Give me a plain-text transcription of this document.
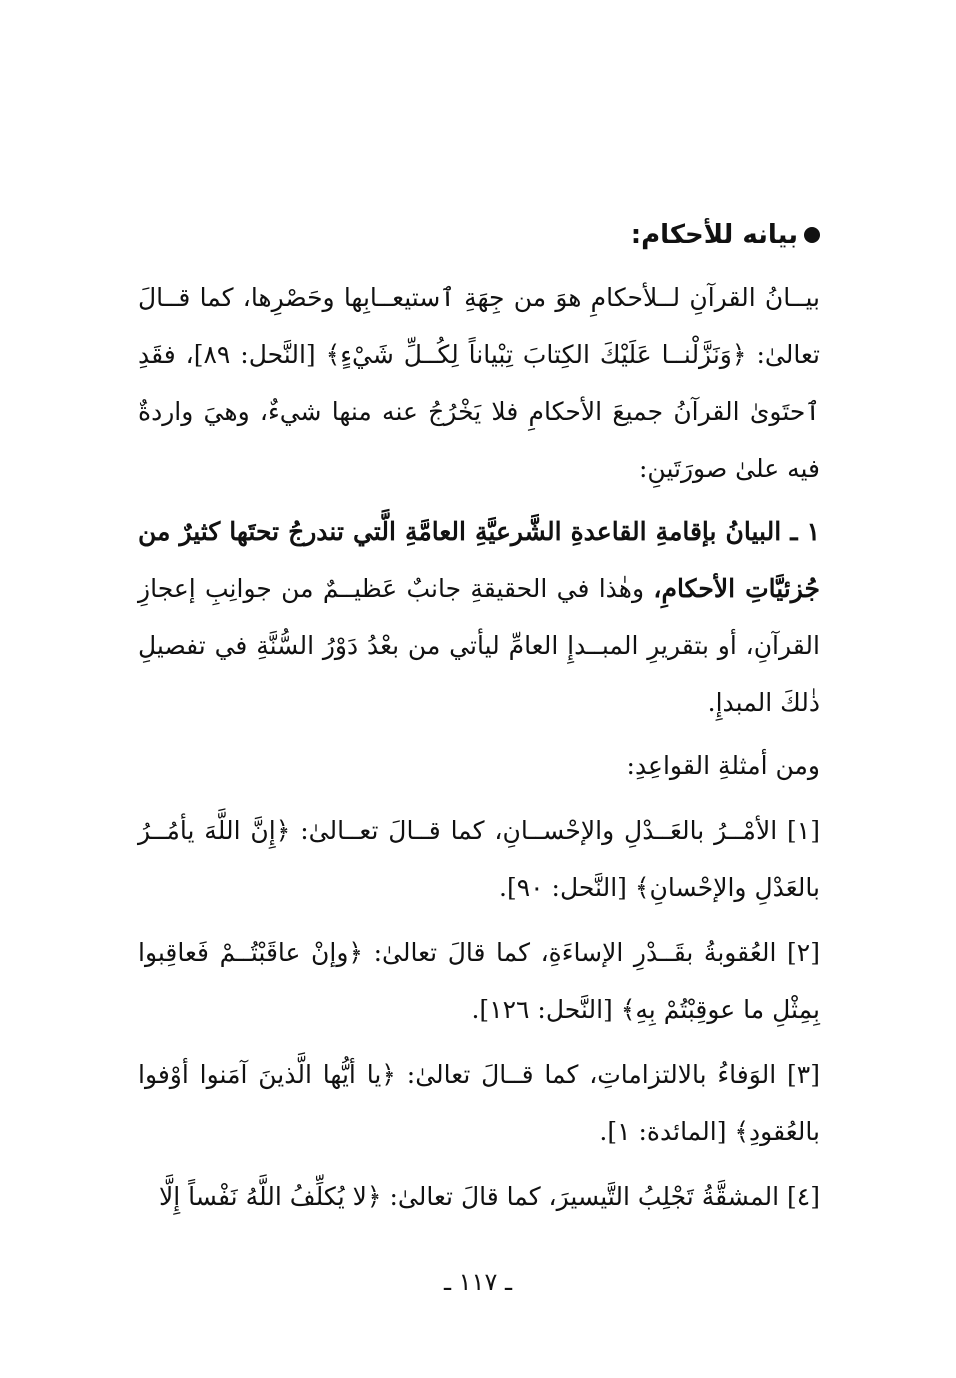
بيانه للأحكام:

بيــانُ القرآنِ لــلأحكامِ هوَ من جِهَةِ ٱستيعــابِها وحَصْرِها، كما قــالَ تعالىٰ: ﴿وَنَزَّلْنــا عَلَيْكَ الكِتابَ تِبْياناً لِكُــلِّ شَيْءٍ﴾ [النَّحل: ٨٩]، فقَدِ ٱحتَوىٰ القرآنُ جميعَ الأحكامِ فلا يَخْرُجُ عنه منها شيءٌ، وهيَ واردةٌ فيه علىٰ صورَتَينِ:

١ ـ البيانُ بإقامةِ القاعدةِ الشَّرعيَّةِ العامَّةِ الَّتي تندرجُ تحتَها كثيرٌ من جُزئيَّاتِ الأحكامِ، وهٰذا في الحقيقةِ جانبٌ عَظيــمٌ من جوانِبِ إعجازِ القرآنِ، أو بتقريرِ المبــدإِ العامِّ ليأتي من بعْدُ دَوْرُ السُّنَّةِ في تفصيلِ ذٰلكَ المبدإِ.

ومن أمثلةِ القواعِدِ:

[١] الأمْــرُ بالعَــدْلِ والإحْســانِ، كما قــالَ تعــالىٰ: ﴿إِنَّ اللَّهَ يأمُــرُ بالعَدْلِ والإحْسانِ﴾ [النَّحل: ٩٠].

[٢] العُقوبةُ بقَــدْرِ الإساءَةِ، كما قالَ تعالىٰ: ﴿وإنْ عاقَبْتُــمْ فَعاقِبوا بِمِثْلِ ما عوقِبْتُمْ بِهِ﴾ [النَّحل: ١٢٦].

[٣] الوَفاءُ بالالتزاماتِ، كما قــالَ تعالىٰ: ﴿يا أيُّها الَّذينَ آمَنوا أوْفوا بالعُقودِ﴾ [المائدة: ١].

[٤] المشقَّةُ تَجْلِبُ التَّيسيرَ، كما قالَ تعالىٰ: ﴿لا يُكلِّفُ اللَّهُ نَفْساً إِلَّا

ـ ١١٧ ـ
